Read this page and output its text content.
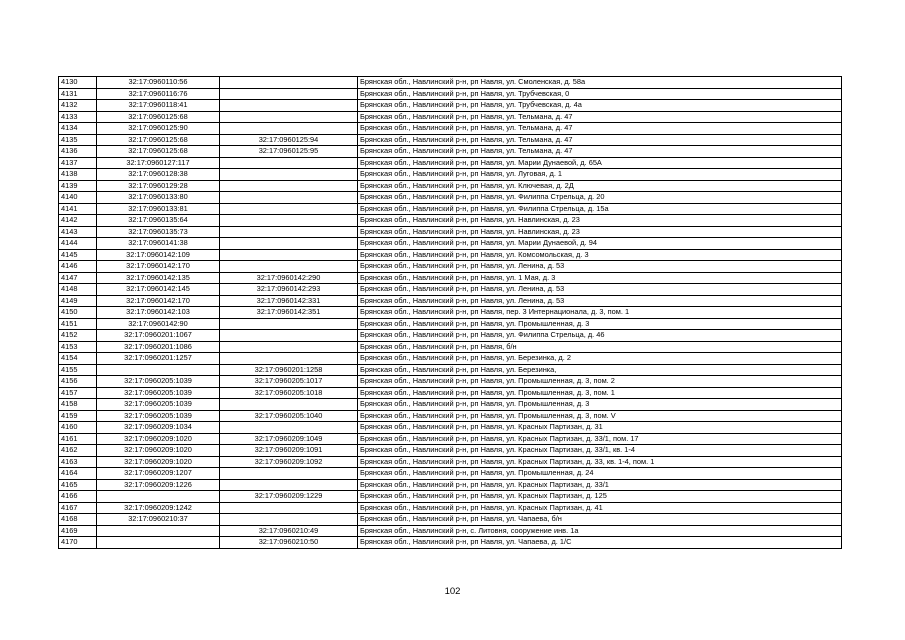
4130	32:17:0960110:56		Брянская обл., Навлинский р-н, рп Навля, ул. Смоленская, д. 58а
4131	32:17:0960116:76		Брянская обл., Навлинский р-н, рп Навля, ул. Трубчевская, 0
4132	32:17:0960118:41		Брянская обл., Навлинский р-н, рп Навля, ул. Трубчевская, д. 4а
4133	32:17:0960125:68		Брянская обл., Навлинский р-н, рп Навля, ул. Тельмана, д. 47
4134	32:17:0960125:90		Брянская обл., Навлинский р-н, рп Навля, ул. Тельмана, д. 47
4135	32:17:0960125:68	32:17:0960125:94	Брянская обл., Навлинский р-н, рп Навля, ул. Тельмана, д. 47
4136	32:17:0960125:68	32:17:0960125:95	Брянская обл., Навлинский р-н, рп Навля, ул. Тельмана, д. 47
4137	32:17:0960127:117		Брянская обл., Навлинский р-н, рп Навля, ул. Марии Дунаевой, д. 65А
4138	32:17:0960128:38		Брянская обл., Навлинский р-н, рп Навля, ул. Луговая, д. 1
4139	32:17:0960129:28		Брянская обл., Навлинский р-н, рп Навля, ул. Ключевая, д. 2Д
4140	32:17:0960133:80		Брянская обл., Навлинский р-н, рп Навля, ул. Филиппа Стрельца, д. 20
4141	32:17:0960133:81		Брянская обл., Навлинский р-н, рп Навля, ул. Филиппа Стрельца, д. 15а
4142	32:17:0960135:64		Брянская обл., Навлинский р-н, рп Навля, ул. Навлинская, д. 23
4143	32:17:0960135:73		Брянская обл., Навлинский р-н, рп Навля, ул. Навлинская, д. 23
4144	32:17:0960141:38		Брянская обл., Навлинский р-н, рп Навля, ул. Марии Дунаевой, д. 94
4145	32:17:0960142:109		Брянская обл., Навлинский р-н, рп Навля, ул. Комсомольская, д. 3
4146	32:17:0960142:170		Брянская обл., Навлинский р-н, рп Навля, ул. Ленина, д. 53
4147	32:17:0960142:135	32:17:0960142:290	Брянская обл., Навлинский р-н, рп Навля, ул. 1 Мая, д. 3
4148	32:17:0960142:145	32:17:0960142:293	Брянская обл., Навлинский р-н, рп Навля, ул. Ленина, д. 53
4149	32:17:0960142:170	32:17:0960142:331	Брянская обл., Навлинский р-н, рп Навля, ул. Ленина, д. 53
4150	32:17:0960142:103	32:17:0960142:351	Брянская обл., Навлинский р-н, рп Навля, пер. 3 Интернационала, д. 3, пом. 1
4151	32:17:0960142:90		Брянская обл., Навлинский р-н, рп Навля, ул. Промышленная, д. 3
4152	32:17:0960201:1067		Брянская обл., Навлинский р-н, рп Навля, ул. Филиппа Стрельца, д. 46
4153	32:17:0960201:1086		Брянская обл., Навлинский р-н, рп Навля, б/н
4154	32:17:0960201:1257		Брянская обл., Навлинский р-н, рп Навля, ул. Березинка, д. 2
4155		32:17:0960201:1258	Брянская обл., Навлинский р-н, рп Навля, ул. Березинка,
4156	32:17:0960205:1039	32:17:0960205:1017	Брянская обл., Навлинский р-н, рп Навля, ул. Промышленная, д. 3, пом. 2
4157	32:17:0960205:1039	32:17:0960205:1018	Брянская обл., Навлинский р-н, рп Навля, ул. Промышленная, д. 3, пом. 1
4158	32:17:0960205:1039		Брянская обл., Навлинский р-н, рп Навля, ул. Промышленная, д. 3
4159	32:17:0960205:1039	32:17:0960205:1040	Брянская обл., Навлинский р-н, рп Навля, ул. Промышленная, д. 3, пом. V
4160	32:17:0960209:1034		Брянская обл., Навлинский р-н, рп Навля, ул. Красных Партизан, д. 31
4161	32:17:0960209:1020	32:17:0960209:1049	Брянская обл., Навлинский р-н, рп Навля, ул. Красных Партизан, д. 33/1, пом. 17
4162	32:17:0960209:1020	32:17:0960209:1091	Брянская обл., Навлинский р-н, рп Навля, ул. Красных Партизан, д. 33/1, кв. 1-4
4163	32:17:0960209:1020	32:17:0960209:1092	Брянская обл., Навлинский р-н, рп Навля, ул. Красных Партизан, д. 33, кв. 1-4, пом. 1
4164	32:17:0960209:1207		Брянская обл., Навлинский р-н, рп Навля, ул. Промышленная, д. 24
4165	32:17:0960209:1226		Брянская обл., Навлинский р-н, рп Навля, ул. Красных Партизан, д. 33/1
4166		32:17:0960209:1229	Брянская обл., Навлинский р-н, рп Навля, ул. Красных Партизан, д. 125
4167	32:17:0960209:1242		Брянская обл., Навлинский р-н, рп Навля, ул. Красных Партизан, д. 41
4168	32:17:0960210:37		Брянская обл., Навлинский р-н, рп Навля, ул. Чапаева, б/н
4169		32:17:0960210:49	Брянская обл., Навлинский р-н, с. Литовня, сооружение инв. 1а
4170		32:17:0960210:50	Брянская обл., Навлинский р-н, рп Навля, ул. Чапаева, д. 1/С
102
